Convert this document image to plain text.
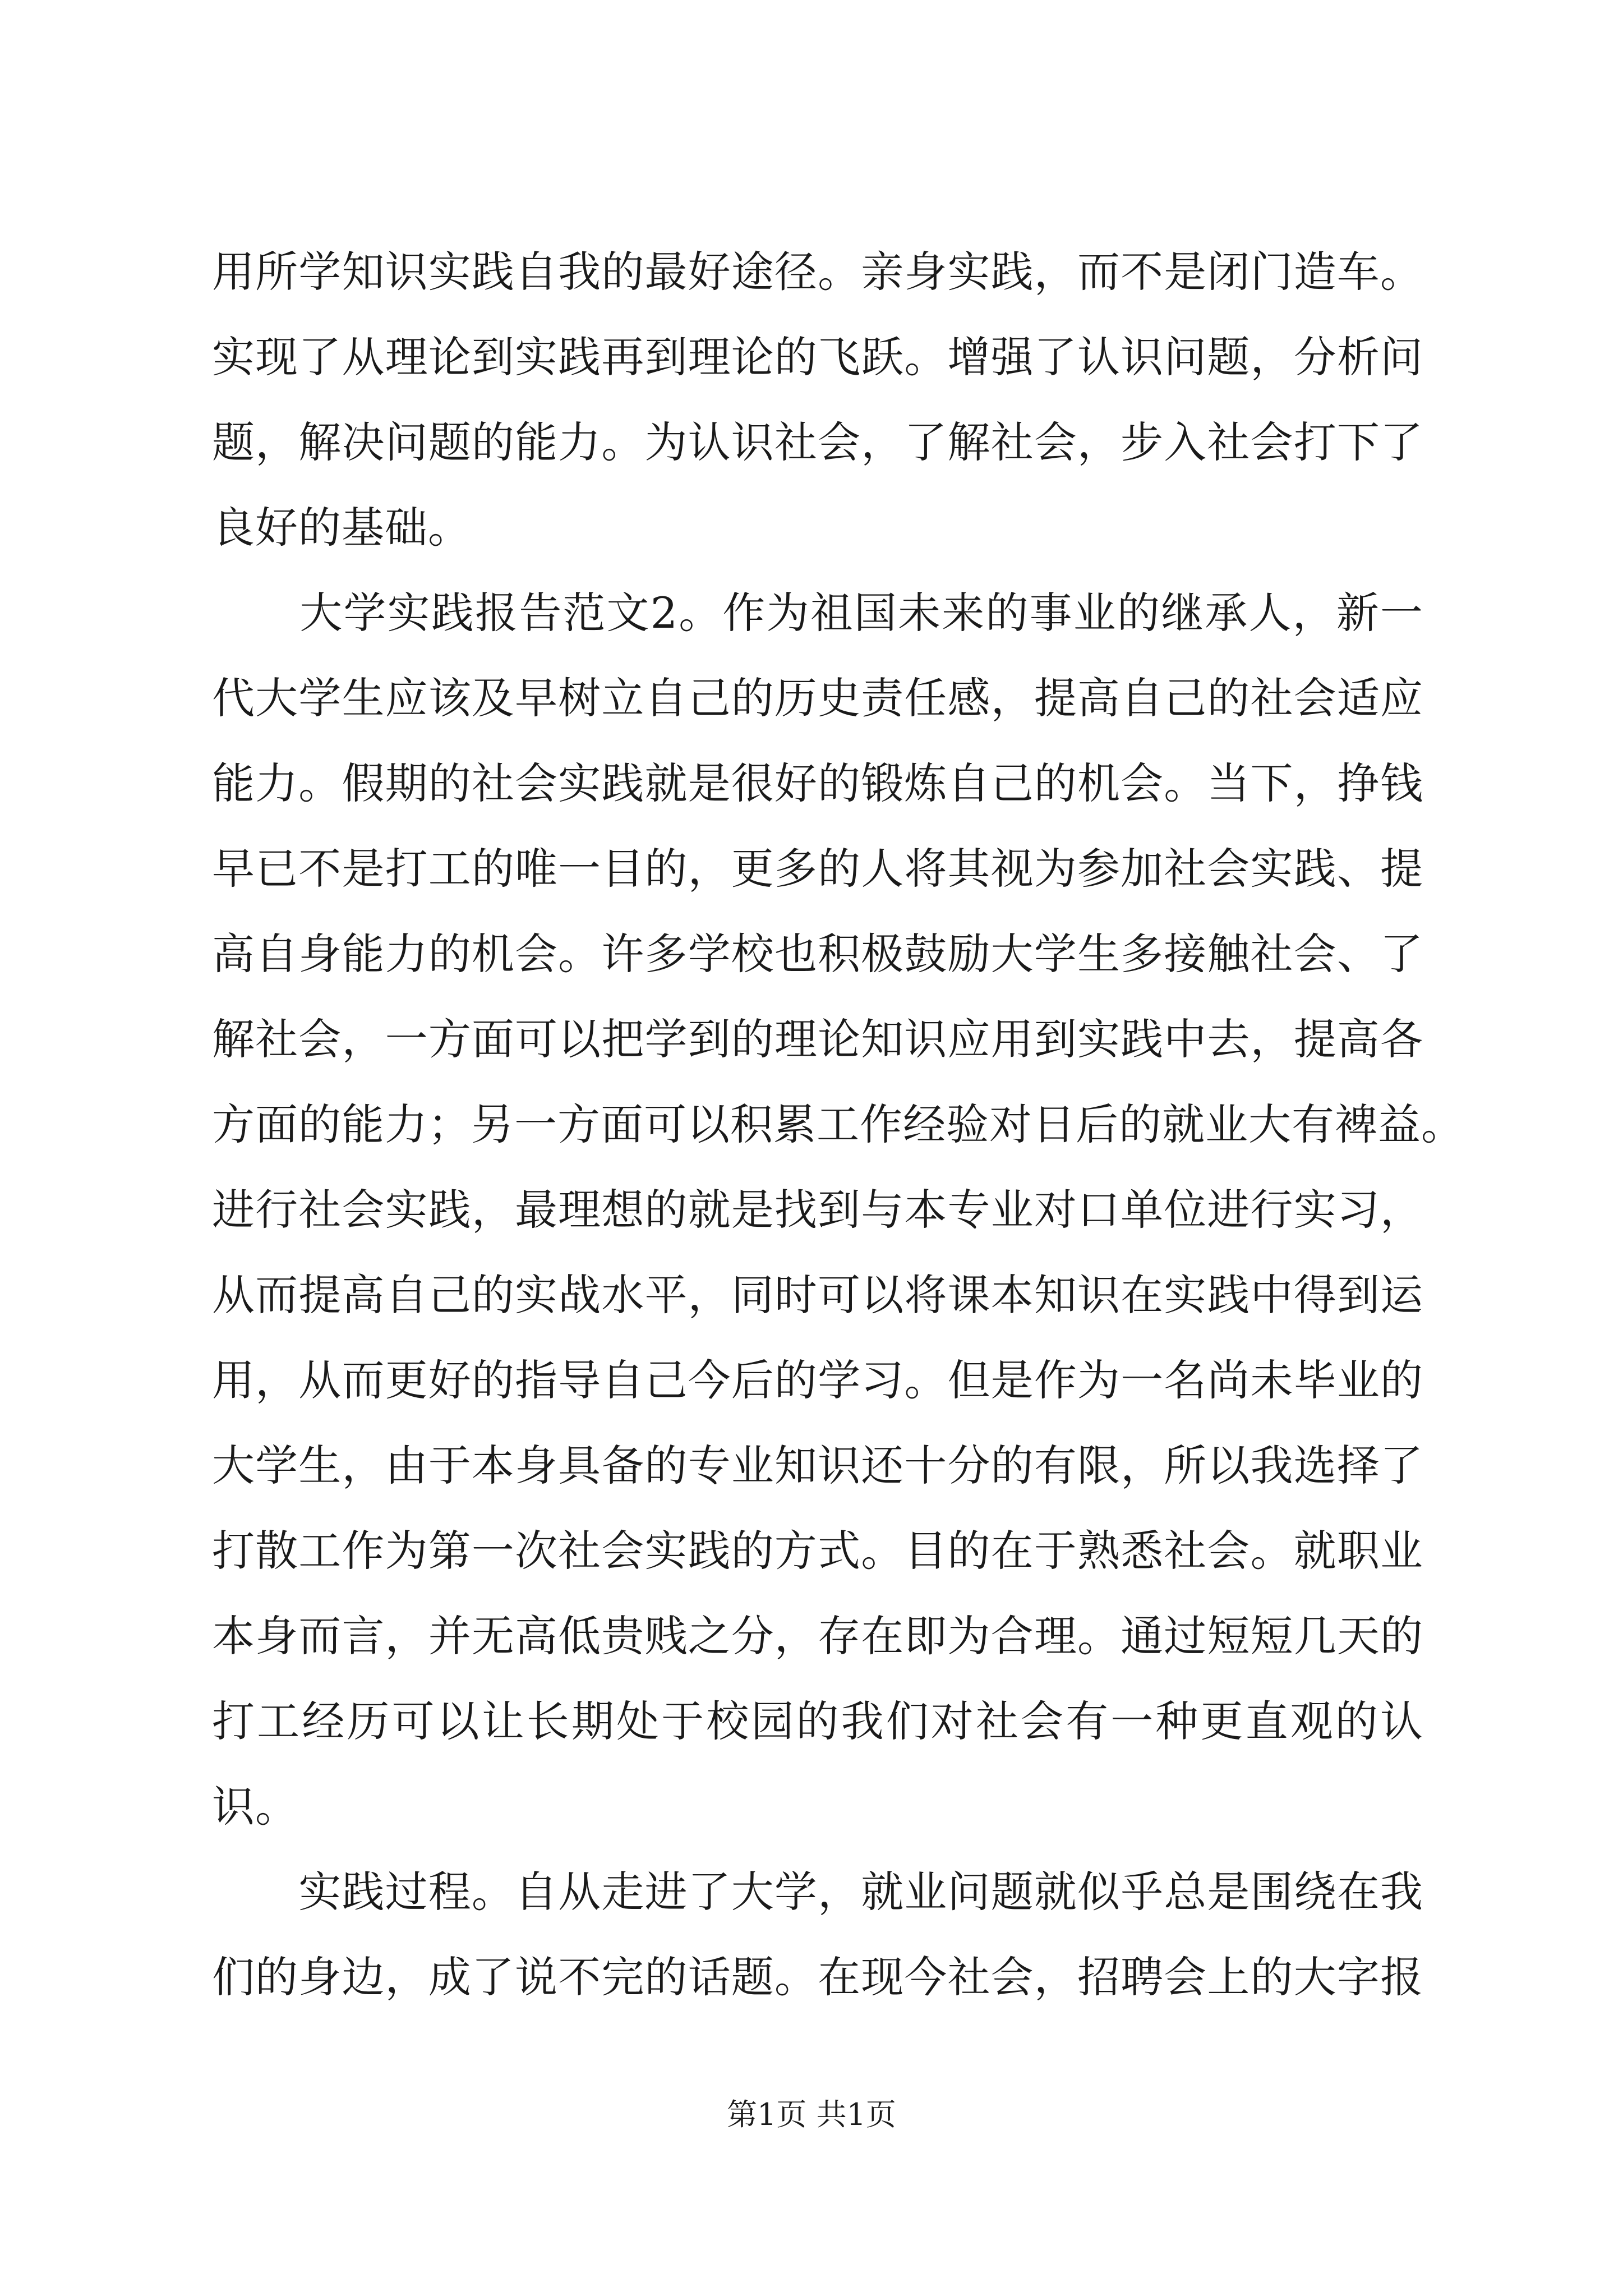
用所学知识实践自我的最好途径。亲身实践，而不是闭门造车。
实现了从理论到实践再到理论的飞跃。增强了认识问题，分析问
题，解决问题的能力。为认识社会，了解社会，步入社会打下了
良好的基础。
　　大学实践报告范文2。作为祖国未来的事业的继承人，新一
代大学生应该及早树立自己的历史责任感，提高自己的社会适应
能力。假期的社会实践就是很好的锻炼自己的机会。当下，挣钱
早已不是打工的唯一目的，更多的人将其视为参加社会实践、提
高自身能力的机会。许多学校也积极鼓励大学生多接触社会、了
解社会，一方面可以把学到的理论知识应用到实践中去，提高各
方面的能力；另一方面可以积累工作经验对日后的就业大有裨益。
进行社会实践，最理想的就是找到与本专业对口单位进行实习，
从而提高自己的实战水平，同时可以将课本知识在实践中得到运
用，从而更好的指导自己今后的学习。但是作为一名尚未毕业的
大学生，由于本身具备的专业知识还十分的有限，所以我选择了
打散工作为第一次社会实践的方式。目的在于熟悉社会。就职业
本身而言，并无高低贵贱之分，存在即为合理。通过短短几天的
打工经历可以让长期处于校园的我们对社会有一种更直观的认
识。
　　实践过程。自从走进了大学，就业问题就似乎总是围绕在我
们的身边，成了说不完的话题。在现今社会，招聘会上的大字报
第1页 共1页
